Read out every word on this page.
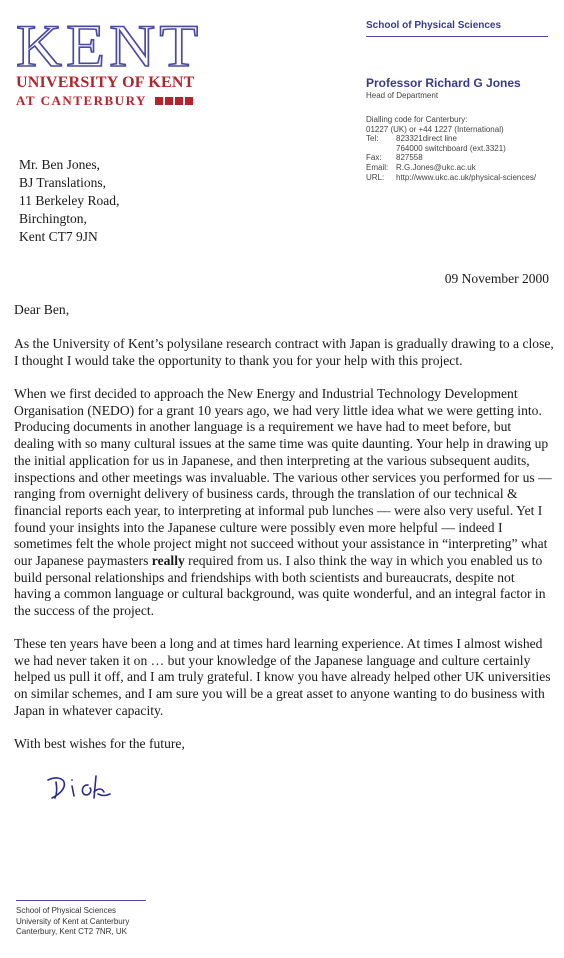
KENT
UNIVERSITY OF KENT
AT CANTERBURY
School of Physical Sciences
Professor Richard G Jones
Head of Department
Dialling code for Canterbury:
01227 (UK) or +44 1227 (International)
Tel:	823321direct line
764000 switchboard (ext.3321)
Fax:	827558
Email: R.G.Jones@ukc.ac.uk
URL:	http://www.ukc.ac.uk/physical-sciences/
Mr. Ben Jones,
BJ Translations,
11 Berkeley Road,
Birchington,
Kent CT7 9JN
09 November 2000

Dear Ben,

As the University of Kent’s polysilane research contract with Japan is gradually drawing to a close, I thought I would take the opportunity to thank you for your help with this project.

When we first decided to approach the New Energy and Industrial Technology Development Organisation (NEDO) for a grant 10 years ago, we had very little idea what we were getting into. Producing documents in another language is a requirement we have had to meet before, but dealing with so many cultural issues at the same time was quite daunting. Your help in drawing up the initial application for us in Japanese, and then interpreting at the various subsequent audits, inspections and other meetings was invaluable. The various other services you performed for us — ranging from overnight delivery of business cards, through the translation of our technical & financial reports each year, to interpreting at informal pub lunches — were also very useful. Yet I found your insights into the Japanese culture were possibly even more helpful — indeed I sometimes felt the whole project might not succeed without your assistance in “interpreting” what our Japanese paymasters really required from us. I also think the way in which you enabled us to build personal relationships and friendships with both scientists and bureaucrats, despite not having a common language or cultural background, was quite wonderful, and an integral factor in the success of the project.

These ten years have been a long and at times hard learning experience. At times I almost wished we had never taken it on … but your knowledge of the Japanese language and culture certainly helped us pull it off, and I am truly grateful. I know you have already helped other UK universities on similar schemes, and I am sure you will be a great asset to anyone wanting to do business with Japan in whatever capacity.

With best wishes for the future,

School of Physical Sciences
University of Kent at Canterbury
Canterbury, Kent CT2 7NR, UK
